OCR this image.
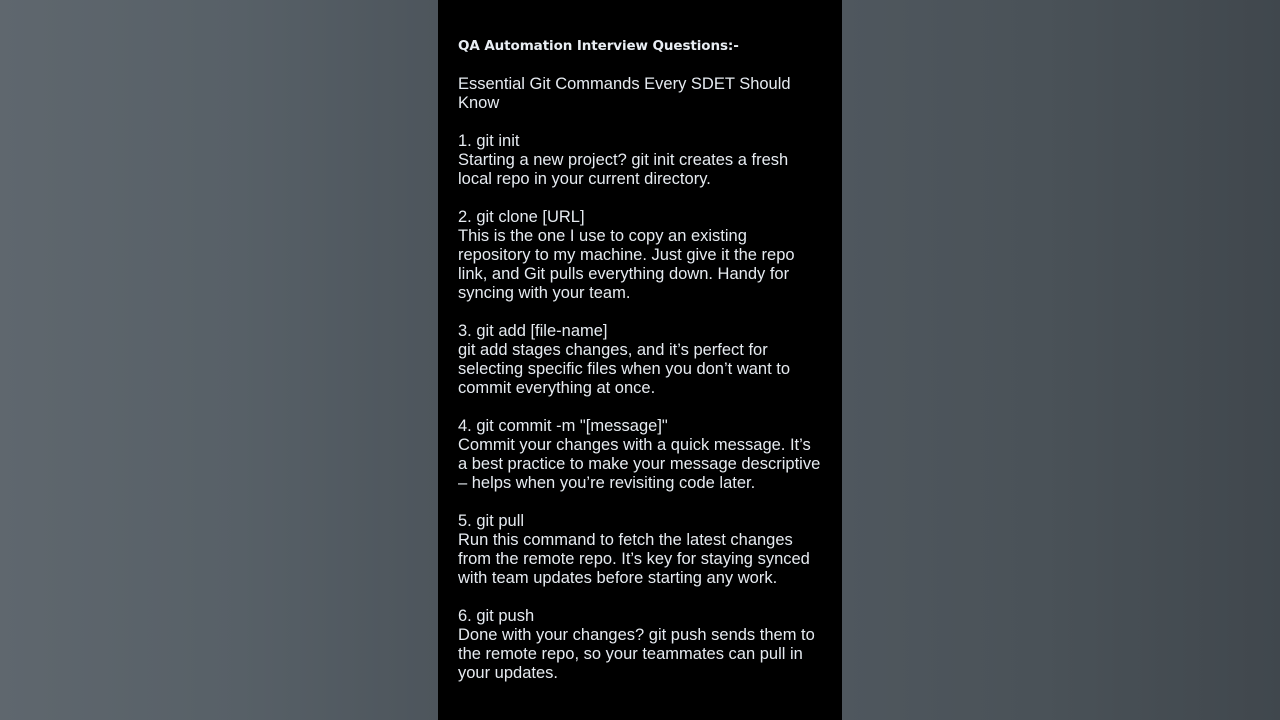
QA Automation Interview Questions:-
Essential Git Commands Every SDET Should Know
1. git init
Starting a new project? git init creates a fresh local repo in your current directory.
2. git clone [URL]
This is the one I use to copy an existing repository to my machine. Just give it the repo link, and Git pulls everything down. Handy for syncing with your team.
3. git add [file-name]
git add stages changes, and it’s perfect for selecting specific files when you don’t want to commit everything at once.
4. git commit -m "[message]"
Commit your changes with a quick message. It’s a best practice to make your message descriptive – helps when you’re revisiting code later.
5. git pull
Run this command to fetch the latest changes from the remote repo. It’s key for staying synced with team updates before starting any work.
6. git push
Done with your changes? git push sends them to the remote repo, so your teammates can pull in your updates.
